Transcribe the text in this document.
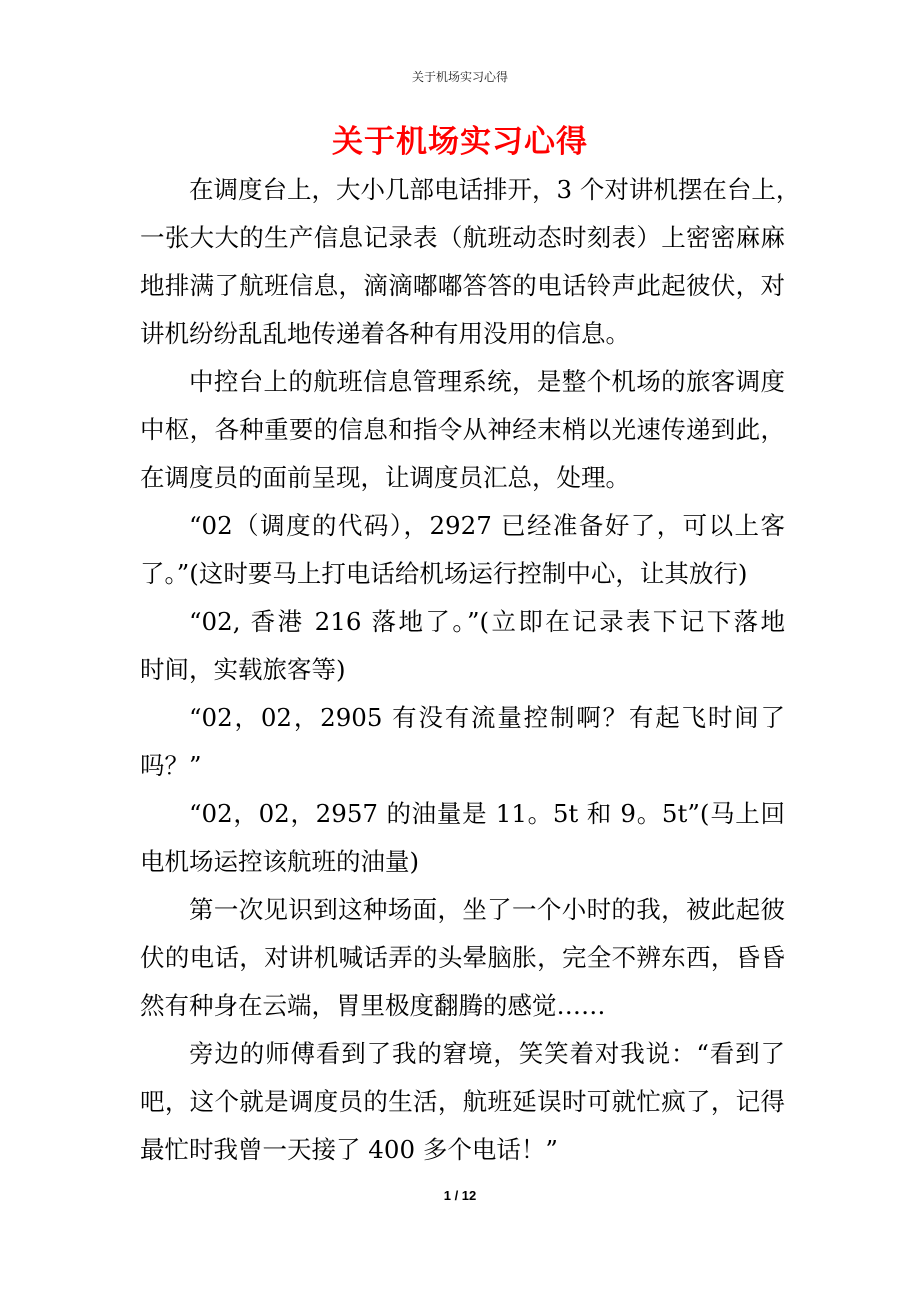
关于机场实习心得
关于机场实习心得
在调度台上，大小几部电话排开，3 个对讲机摆在台上，
一张大大的生产信息记录表（航班动态时刻表）上密密麻麻
地排满了航班信息，滴滴嘟嘟答答的电话铃声此起彼伏，对
讲机纷纷乱乱地传递着各种有用没用的信息。
中控台上的航班信息管理系统，是整个机场的旅客调度
中枢，各种重要的信息和指令从神经末梢以光速传递到此，
在调度员的面前呈现，让调度员汇总，处理。
“02（调度的代码），2927 已经准备好了，可以上客
了。”(这时要马上打电话给机场运行控制中心，让其放行)
“02, 香港 216 落地了。”(立即在记录表下记下落地
时间，实载旅客等)
“02，02，2905 有没有流量控制啊？有起飞时间了
吗？”
“02，02，2957 的油量是 11。5t 和 9。5t”(马上回
电机场运控该航班的油量)
第一次见识到这种场面，坐了一个小时的我，被此起彼
伏的电话，对讲机喊话弄的头晕脑胀，完全不辨东西，昏昏
然有种身在云端，胃里极度翻腾的感觉……
旁边的师傅看到了我的窘境，笑笑着对我说：“看到了
吧，这个就是调度员的生活，航班延误时可就忙疯了，记得
最忙时我曾一天接了 400 多个电话！”
1 / 12
